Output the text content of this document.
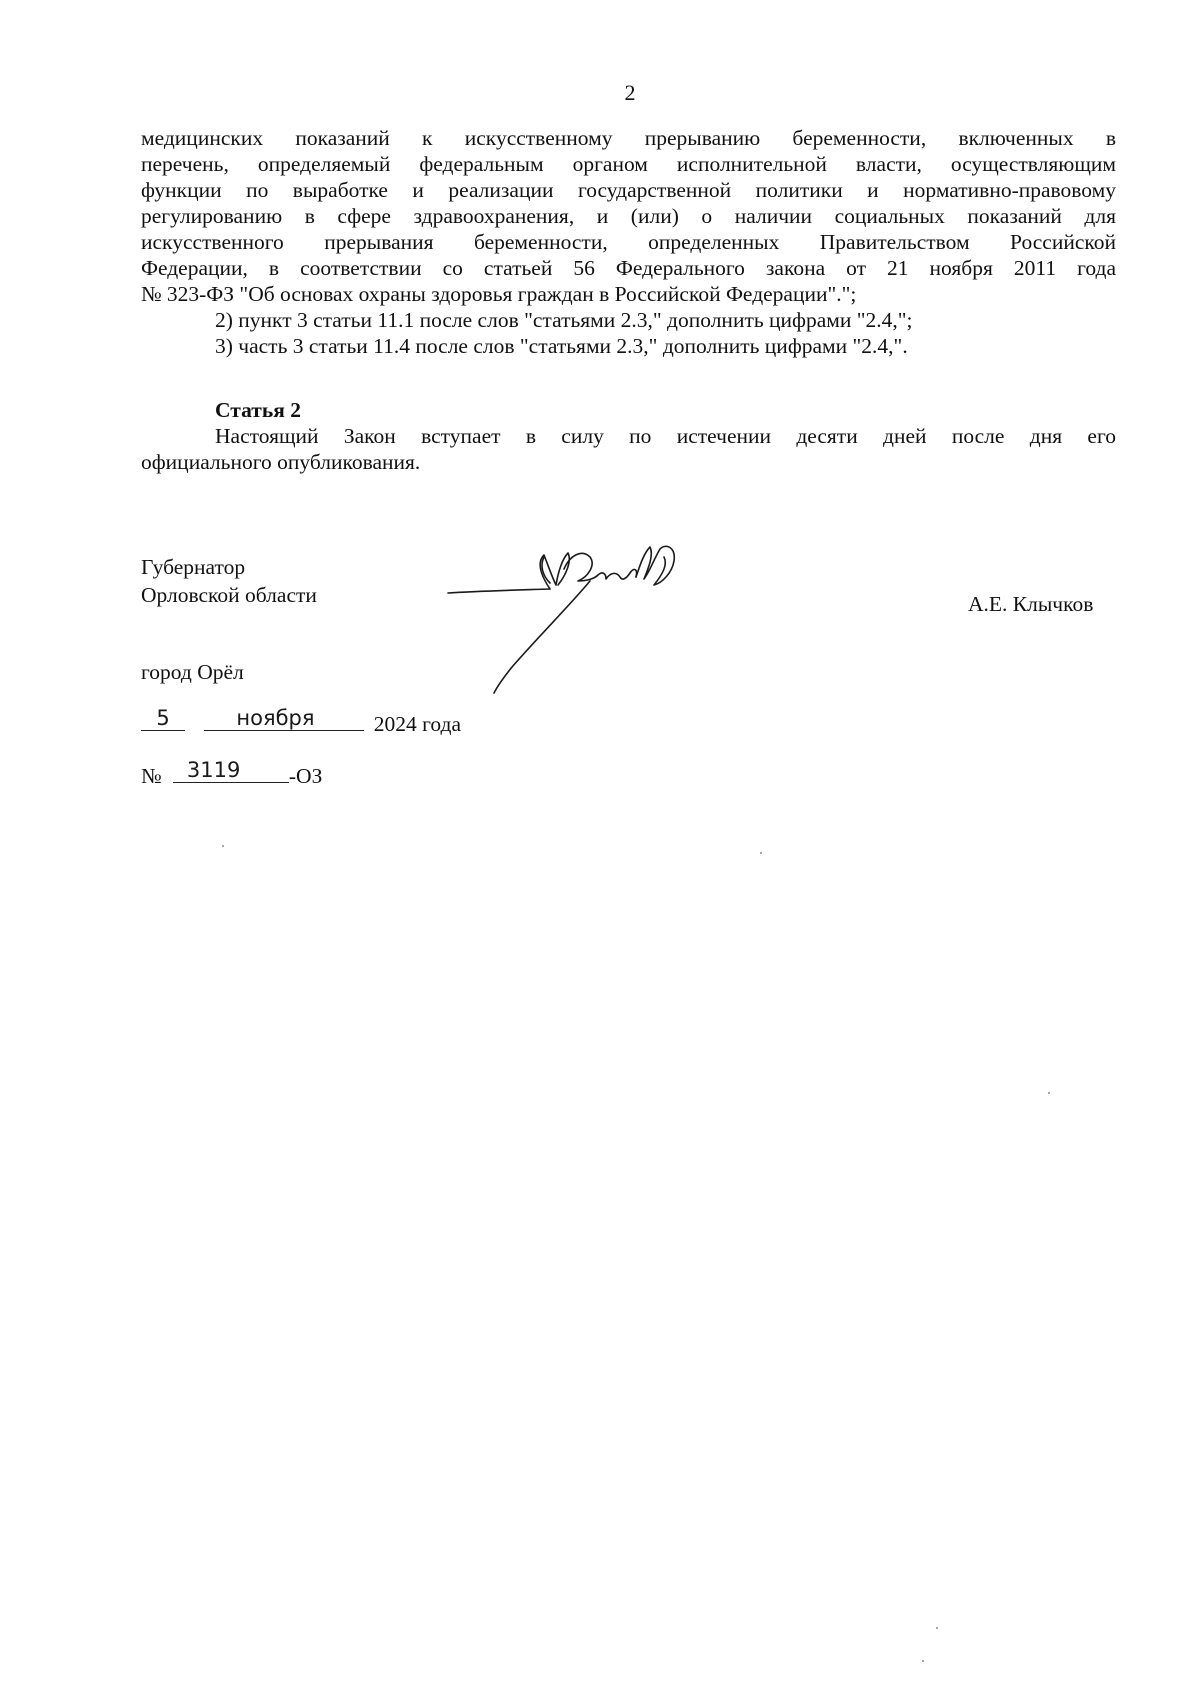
2
медицинских показаний к искусственному прерыванию беременности, включенных в
перечень, определяемый федеральным органом исполнительной власти, осуществляющим
функции по выработке и реализации государственной политики и нормативно-правовому
регулированию в сфере здравоохранения, и (или) о наличии социальных показаний для
искусственного прерывания беременности, определенных Правительством Российской
Федерации, в соответствии со статьей 56 Федерального закона от 21 ноября 2011 года
№ 323-ФЗ "Об основах охраны здоровья граждан в Российской Федерации".";

2) пункт 3 статьи 11.1 после слов "статьями 2.3," дополнить цифрами "2.4,";

3) часть 3 статьи 11.4 после слов "статьями 2.3," дополнить цифрами "2.4,".

Статья 2
Настоящий Закон вступает в силу по истечении десяти дней после дня его
официального опубликования.
Губернатор
Орловской области	А.Е. Клычков
город Орёл
5
	ноября	2024 года
№	3119	-ОЗ
